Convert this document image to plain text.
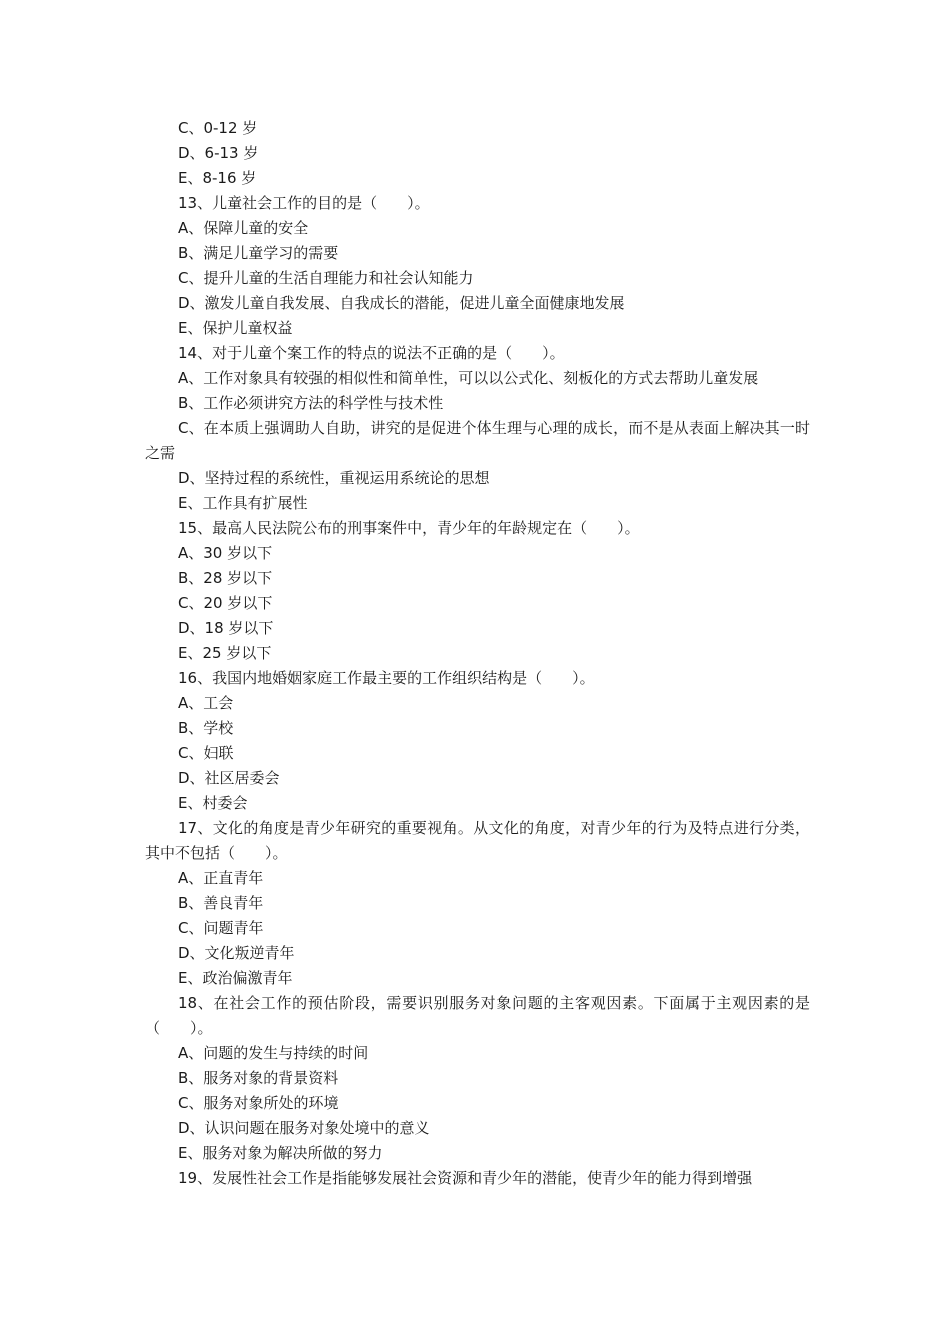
C、0-12 岁
D、6-13 岁
E、8-16 岁
13、儿童社会工作的目的是（　　）。
A、保障儿童的安全
B、满足儿童学习的需要
C、提升儿童的生活自理能力和社会认知能力
D、激发儿童自我发展、自我成长的潜能，促进儿童全面健康地发展
E、保护儿童权益
14、对于儿童个案工作的特点的说法不正确的是（　　）。
A、工作对象具有较强的相似性和简单性，可以以公式化、刻板化的方式去帮助儿童发展
B、工作必须讲究方法的科学性与技术性
C、在本质上强调助人自助，讲究的是促进个体生理与心理的成长，而不是从表面上解决其一时之需
D、坚持过程的系统性，重视运用系统论的思想
E、工作具有扩展性
15、最高人民法院公布的刑事案件中，青少年的年龄规定在（　　）。
A、30 岁以下
B、28 岁以下
C、20 岁以下
D、18 岁以下
E、25 岁以下
16、我国内地婚姻家庭工作最主要的工作组织结构是（　　）。
A、工会
B、学校
C、妇联
D、社区居委会
E、村委会
17、文化的角度是青少年研究的重要视角。从文化的角度，对青少年的行为及特点进行分类，其中不包括（　　）。
A、正直青年
B、善良青年
C、问题青年
D、文化叛逆青年
E、政治偏激青年
18、在社会工作的预估阶段，需要识别服务对象问题的主客观因素。下面属于主观因素的是（　　）。
A、问题的发生与持续的时间
B、服务对象的背景资料
C、服务对象所处的环境
D、认识问题在服务对象处境中的意义
E、服务对象为解决所做的努力
19、发展性社会工作是指能够发展社会资源和青少年的潜能，使青少年的能力得到增强
